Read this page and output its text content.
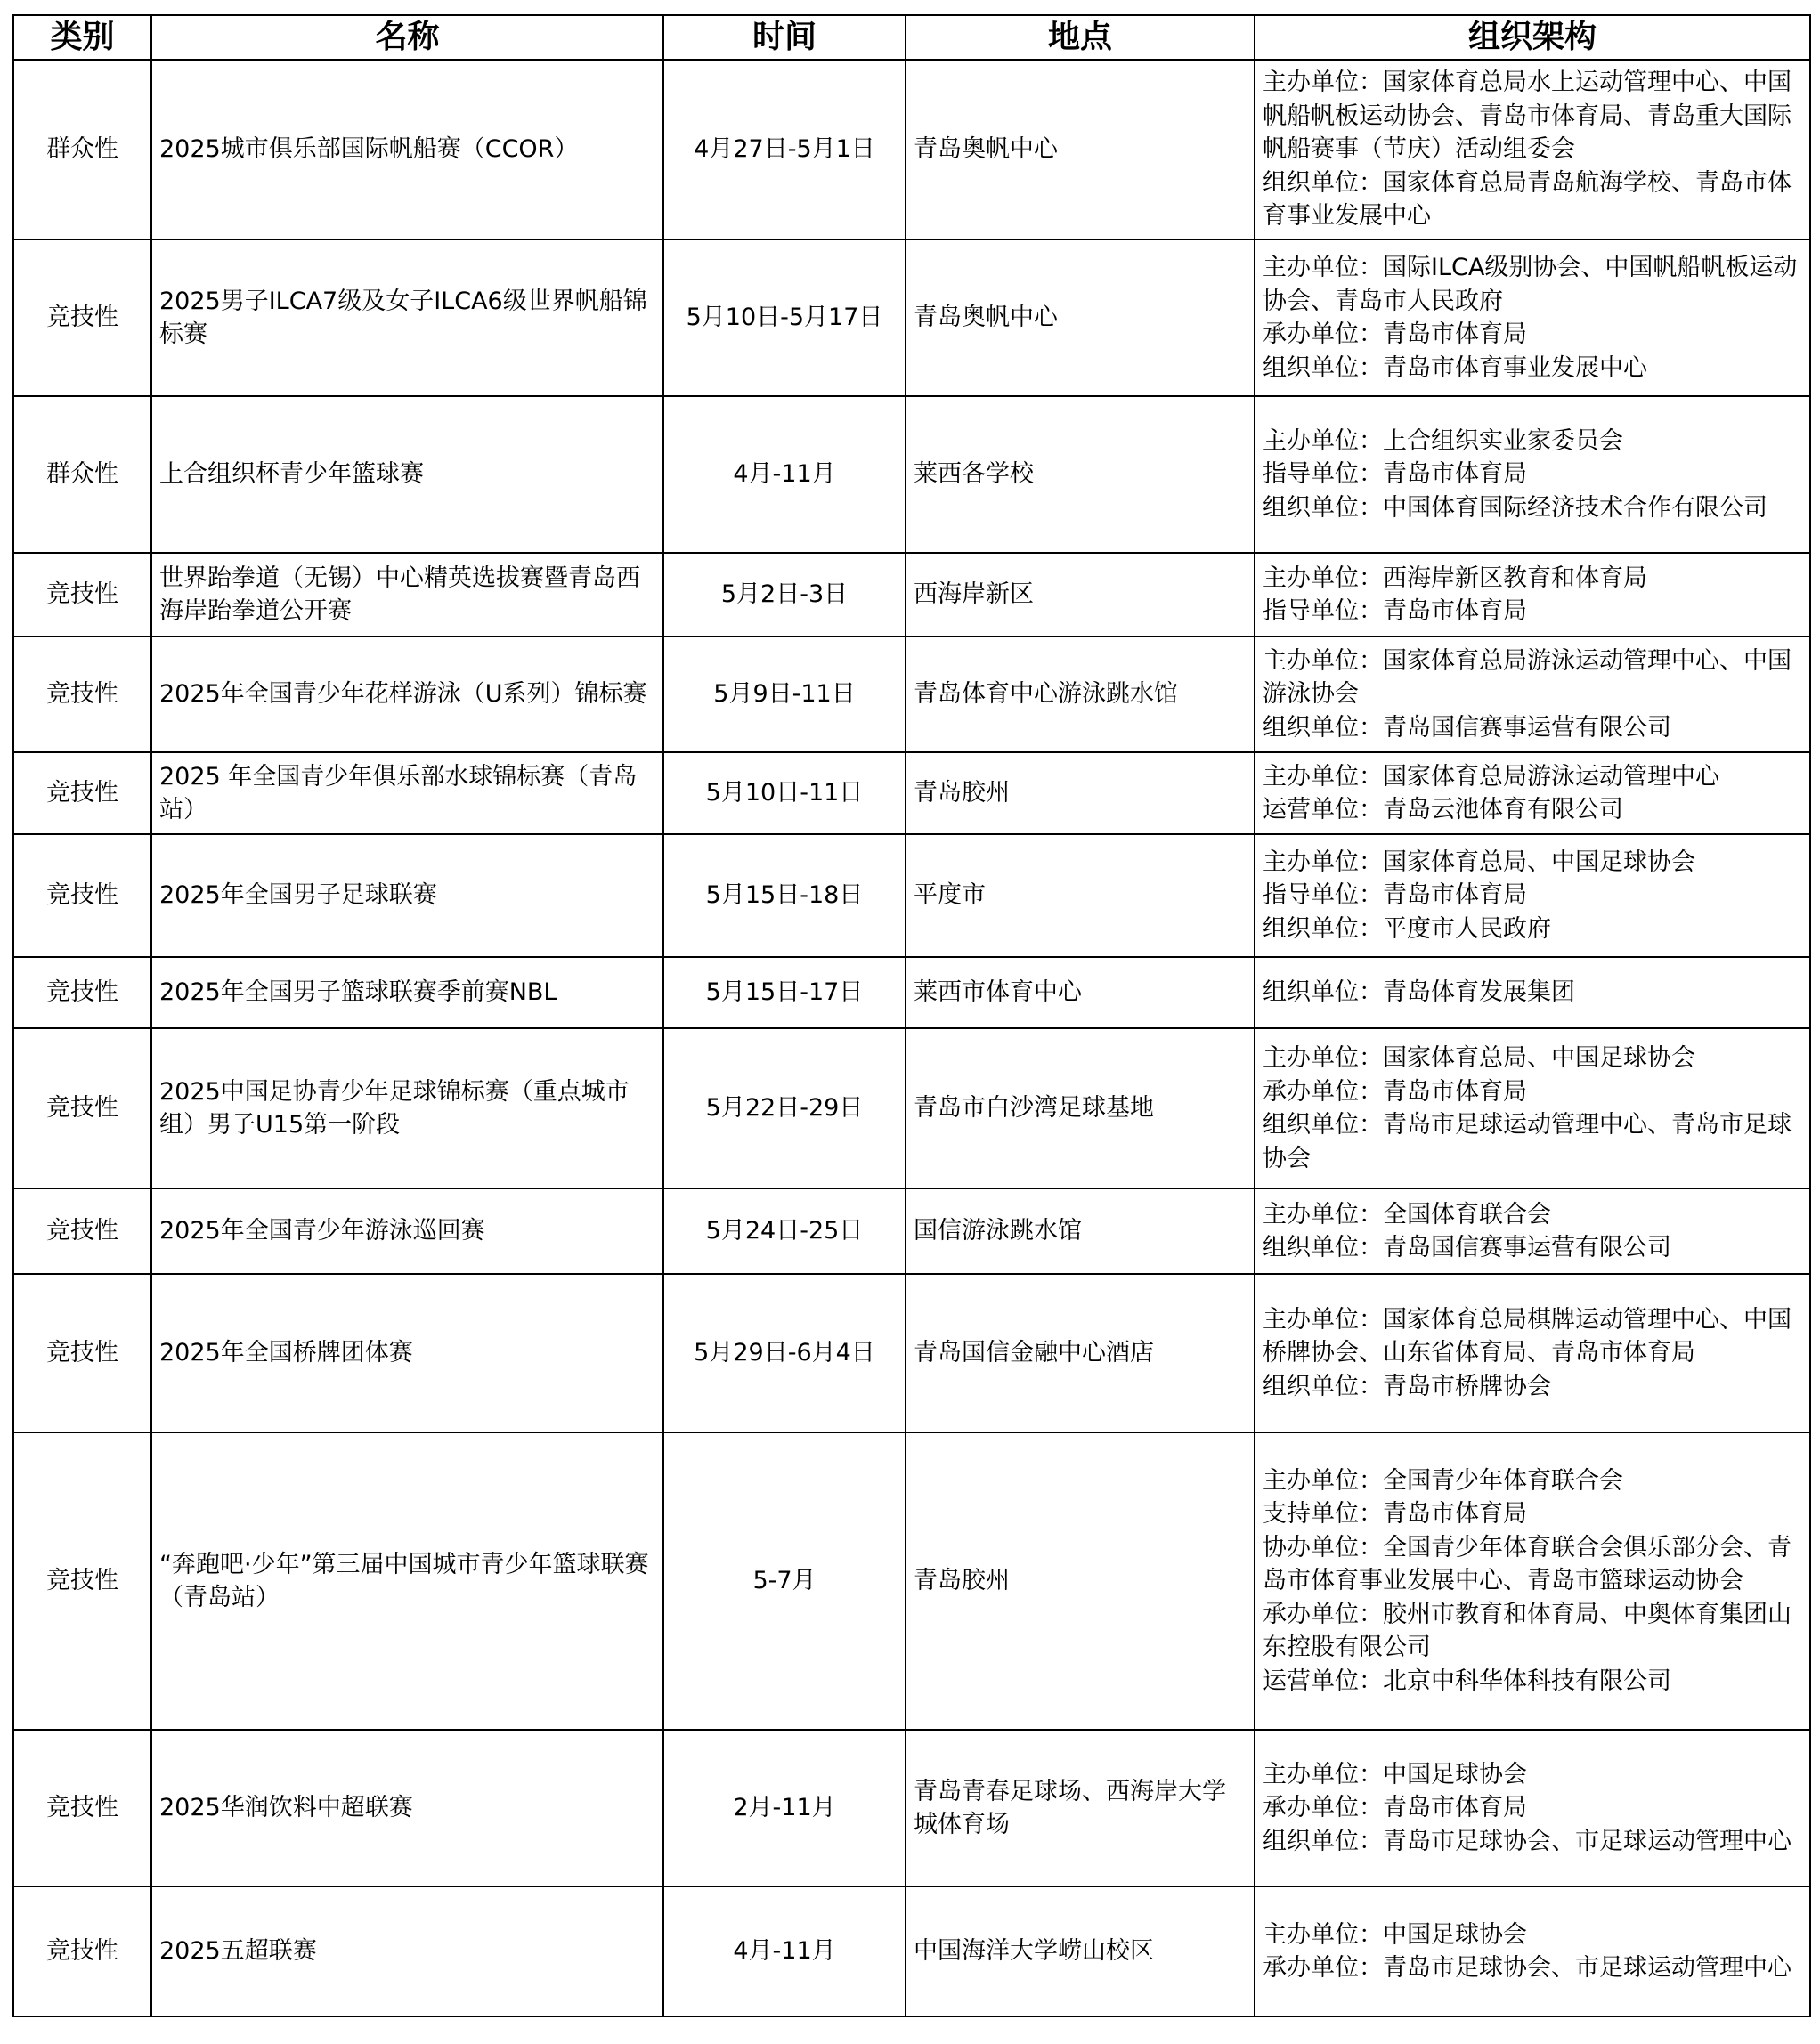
类别	名称	时间	地点	组织架构
群众性	2025城市俱乐部国际帆船赛（CCOR）	4月27日-5月1日	青岛奥帆中心	主办单位：国家体育总局水上运动管理中心、中国帆船帆板运动协会、青岛市体育局、青岛重大国际帆船赛事（节庆）活动组委会
组织单位：国家体育总局青岛航海学校、青岛市体育事业发展中心

竞技性	2025男子ILCA7级及女子ILCA6级世界帆船锦标赛	5月10日-5月17日	青岛奥帆中心	主办单位：国际ILCA级别协会、中国帆船帆板运动协会、青岛市人民政府
承办单位：青岛市体育局
组织单位：青岛市体育事业发展中心

群众性	上合组织杯青少年篮球赛	4月-11月	莱西各学校	主办单位：上合组织实业家委员会
指导单位：青岛市体育局
组织单位：中国体育国际经济技术合作有限公司

竞技性	世界跆拳道（无锡）中心精英选拔赛暨青岛西海岸跆拳道公开赛	5月2日-3日	西海岸新区	主办单位：西海岸新区教育和体育局
指导单位：青岛市体育局

竞技性	2025年全国青少年花样游泳（U系列）锦标赛	5月9日-11日	青岛体育中心游泳跳水馆	主办单位：国家体育总局游泳运动管理中心、中国游泳协会
组织单位：青岛国信赛事运营有限公司

竞技性	2025 年全国青少年俱乐部水球锦标赛（青岛站）	5月10日-11日	青岛胶州	主办单位：国家体育总局游泳运动管理中心
运营单位：青岛云池体育有限公司

竞技性	2025年全国男子足球联赛	5月15日-18日	平度市	主办单位：国家体育总局、中国足球协会
指导单位：青岛市体育局
组织单位：平度市人民政府

竞技性	2025年全国男子篮球联赛季前赛NBL	5月15日-17日	莱西市体育中心	组织单位：青岛体育发展集团

竞技性	2025中国足协青少年足球锦标赛（重点城市组）男子U15第一阶段	5月22日-29日	青岛市白沙湾足球基地	主办单位：国家体育总局、中国足球协会
承办单位：青岛市体育局
组织单位：青岛市足球运动管理中心、青岛市足球协会

竞技性	2025年全国青少年游泳巡回赛	5月24日-25日	国信游泳跳水馆	主办单位：全国体育联合会
组织单位：青岛国信赛事运营有限公司

竞技性	2025年全国桥牌团体赛	5月29日-6月4日	青岛国信金融中心酒店	主办单位：国家体育总局棋牌运动管理中心、中国桥牌协会、山东省体育局、青岛市体育局
组织单位：青岛市桥牌协会

竞技性	“奔跑吧·少年”第三届中国城市青少年篮球联赛（青岛站）	5-7月	青岛胶州	主办单位：全国青少年体育联合会
支持单位：青岛市体育局
协办单位：全国青少年体育联合会俱乐部分会、青岛市体育事业发展中心、青岛市篮球运动协会
承办单位：胶州市教育和体育局、中奥体育集团山东控股有限公司
运营单位：北京中科华体科技有限公司

竞技性	2025华润饮料中超联赛	2月-11月	青岛青春足球场、西海岸大学城体育场	主办单位：中国足球协会
承办单位：青岛市体育局
组织单位：青岛市足球协会、市足球运动管理中心

竞技性	2025五超联赛	4月-11月	中国海洋大学崂山校区	主办单位：中国足球协会
承办单位：青岛市足球协会、市足球运动管理中心
